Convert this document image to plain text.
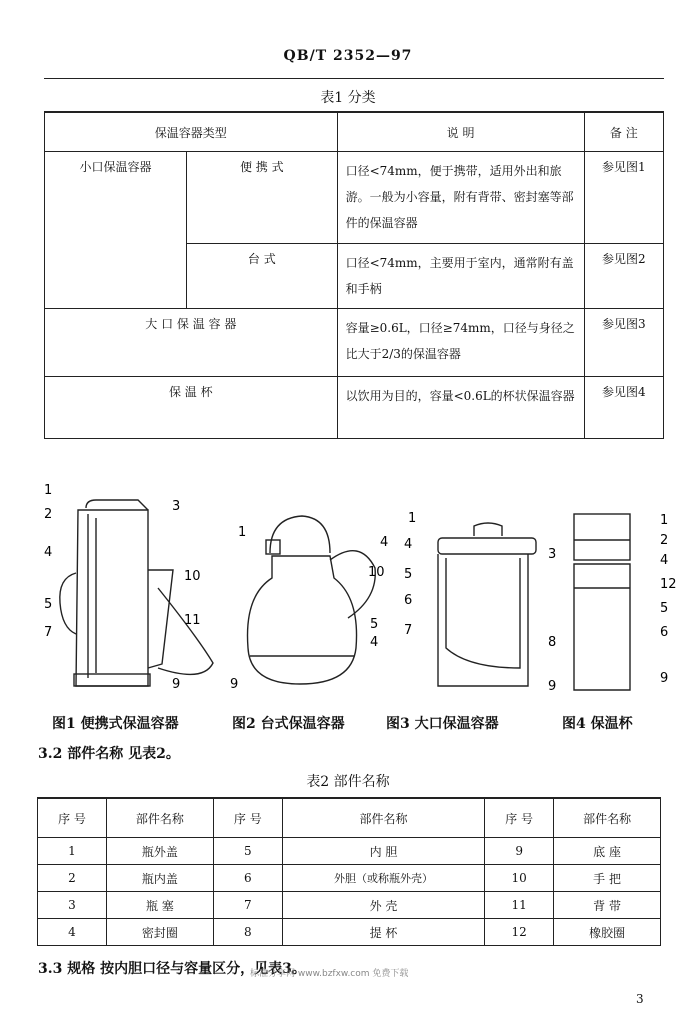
QB/T 2352—97
表1 分类
保温容器类型		说 明	备 注
小口保温容器	便 携 式	口径<74mm，便于携带，适用外出和旅游。一般为小容量，附有背带、密封塞等部件的保温容器	参见图1
	台 式	口径<74mm，主要用于室内，通常附有盖和手柄	参见图2
大 口 保 温 容 器		容量≥0.6L，口径≥74mm，口径与身径之比大于2/3的保温容器	参见图3
保 温 杯		以饮用为目的，容量<0.6L的杯状保温容器	参见图4
1
2
3
4
5
7
10
11
9
1
4
10
5
4
9
1
4
3
5
6
7
8
9
1
2
4
12
5
6
9
图1 便携式保温容器	图2 台式保温容器	图3 大口保温容器	图4 保温杯
3.2 部件名称 见表2。
表2 部件名称
序 号	部件名称	序 号	部件名称	序 号	部件名称
1	瓶外盖	5	内 胆	9	底 座
2	瓶内盖	6	外胆（或称瓶外壳）	10	手 把
3	瓶 塞	7	外 壳	11	背 带
4	密封圈	8	提 杯	12	橡胶圈
3.3 规格 按内胆口径与容量区分，见表3。
标准分享网 www.bzfxw.com 免费下载
3
